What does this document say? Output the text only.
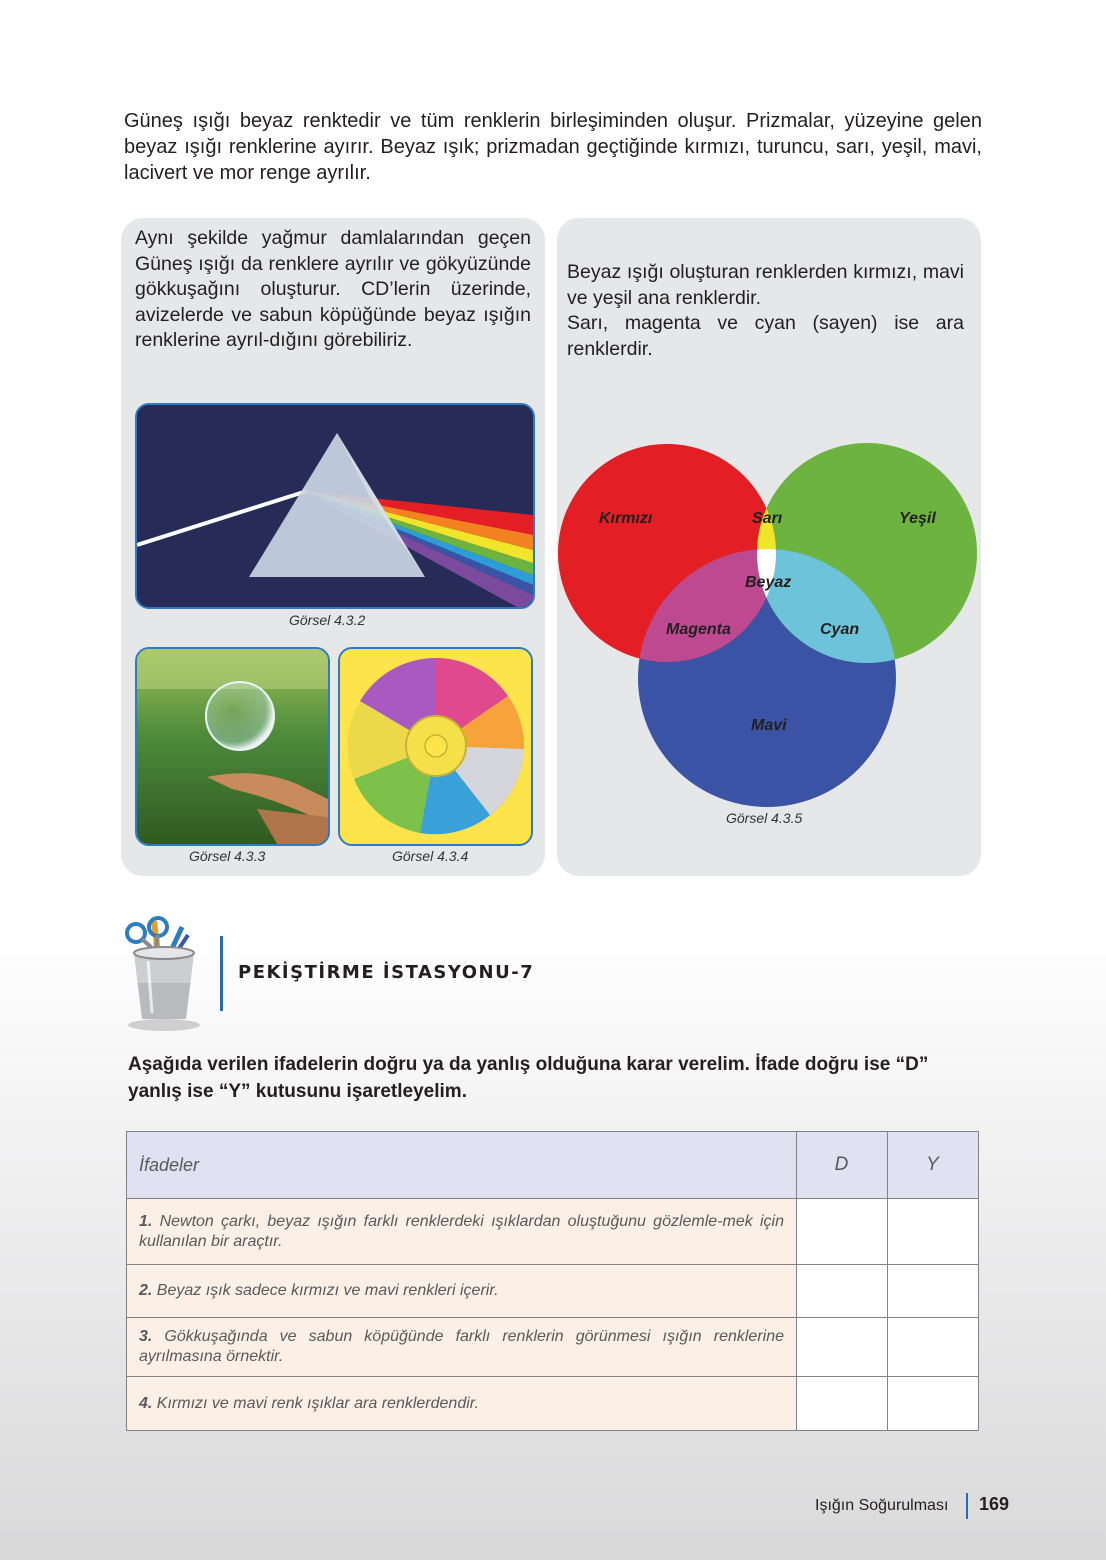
Güneş ışığı beyaz renktedir ve tüm renklerin birleşiminden oluşur. Prizmalar, yüzeyine gelen beyaz ışığı renklerine ayırır. Beyaz ışık; prizmadan geçtiğinde kırmızı, turuncu, sarı, yeşil, mavi, lacivert ve mor renge ayrılır.

Aynı şekilde yağmur damlalarından geçen Güneş ışığı da renklere ayrılır ve gökyüzünde gökkuşağını oluşturur. CD’lerin üzerinde, avizelerde ve sabun köpüğünde beyaz ışığın renklerine ayrıl-dığını görebiliriz.

Görsel 4.3.2
Görsel 4.3.3	Görsel 4.3.4

Beyaz ışığı oluşturan renklerden kırmızı, mavi ve yeşil ana renklerdir.
Sarı, magenta ve cyan (sayen) ise ara renklerdir.

Kırmızı	Sarı	Yeşil
Beyaz
Magenta	Cyan
Mavi
Görsel 4.3.5
PEKİŞTİRME İSTASYONU-7

Aşağıda verilen ifadelerin doğru ya da yanlış olduğuna karar verelim. İfade doğru ise “D” yanlış ise “Y” kutusunu işaretleyelim.

İfadeler	D	Y
1. Newton çarkı, beyaz ışığın farklı renklerdeki ışıklardan oluştuğunu gözlemle-mek için kullanılan bir araçtır.		
2. Beyaz ışık sadece kırmızı ve mavi renkleri içerir.		
3. Gökkuşağında ve sabun köpüğünde farklı renklerin görünmesi ışığın renklerine ayrılmasına örnektir.		
4. Kırmızı ve mavi renk ışıklar ara renklerdendir.		
Işığın Soğurulması 169
